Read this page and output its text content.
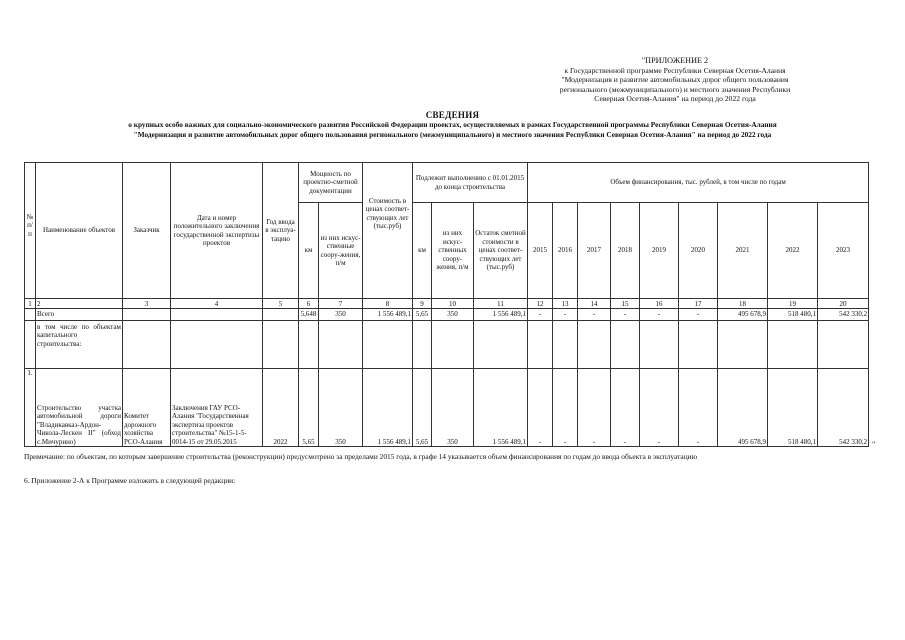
"ПРИЛОЖЕНИЕ 2
к Государственной программе Республики Северная Осетия-Алания
"Модернизация и развитие автомобильных дорог общего пользования
регионального (межмуниципального) и местного значения Республики
Северная Осетия-Алания" на период до 2022 года
СВЕДЕНИЯ
о крупных особо важных для социально-экономического развития Российской Федерации проектах, осуществляемых в рамках Государственной программы Республики Северная Осетия-Алания
"Модернизация и развитие автомобильных дорог общего пользования регионального (межмуниципального) и местного значения Республики Северная Осетия-Алания" на период до 2022 года
№ п/ п	Наименование объектов	Заказчик	Дата и номер положительного заключения государственной экспертизы проектов	Год ввода в эксплуа-тацию	Мощность по проектно-сметной документации		Стоимость в ценах соответ-ствующих лет (тыс.руб)	Подлежит выполнению с 01.01.2015 до конца строительства			Объем финансирования, тыс. рублей, в том числе по годам								
					км	из них искус-ственные соору-жения, п/м		км	из них искус-ственных соору-жения, п/м	Остаток сметной стоимости в ценах соответ-ствующих лет (тыс.руб)	2015	2016	2017	2018	2019	2020	2021	2022	2023
1	2	3	4	5	6	7	8	9	10	11	12	13	14	15	16	17	18	19	20
	Всего				5,648	350	1 556 489,1	5,65	350	1 556 489,1	-	-	-	-	-	-	495 678,9	518 480,1	542 330,2
	в том числе по объектам капитального строительства:																		
1.	Строительство участка автомобильной дороги "Владикавказ-Ардон-Чикола-Лескен II" (обход с.Мичурино)	Комитет дорожного хозяйства РСО-Алания	Заключения ГАУ РСО-Алания "Государственная экспертиза проектов строительства" №15-1-5-0014-15 от 29.05.2015	2022	5,65	350	1 556 489,1	5,65	350	1 556 489,1	-	-	-	-	-	-	495 678,9	518 480,1	542 330,2 "
Примечание: по объектам, по которым завершение строительства (реконструкции) предусмотрено за пределами 2015 года, в графе 14 указывается объем финансирования по годам до ввода объекта в эксплуатацию
6. Приложение 2-А к Программе изложить в следующей редакции:
